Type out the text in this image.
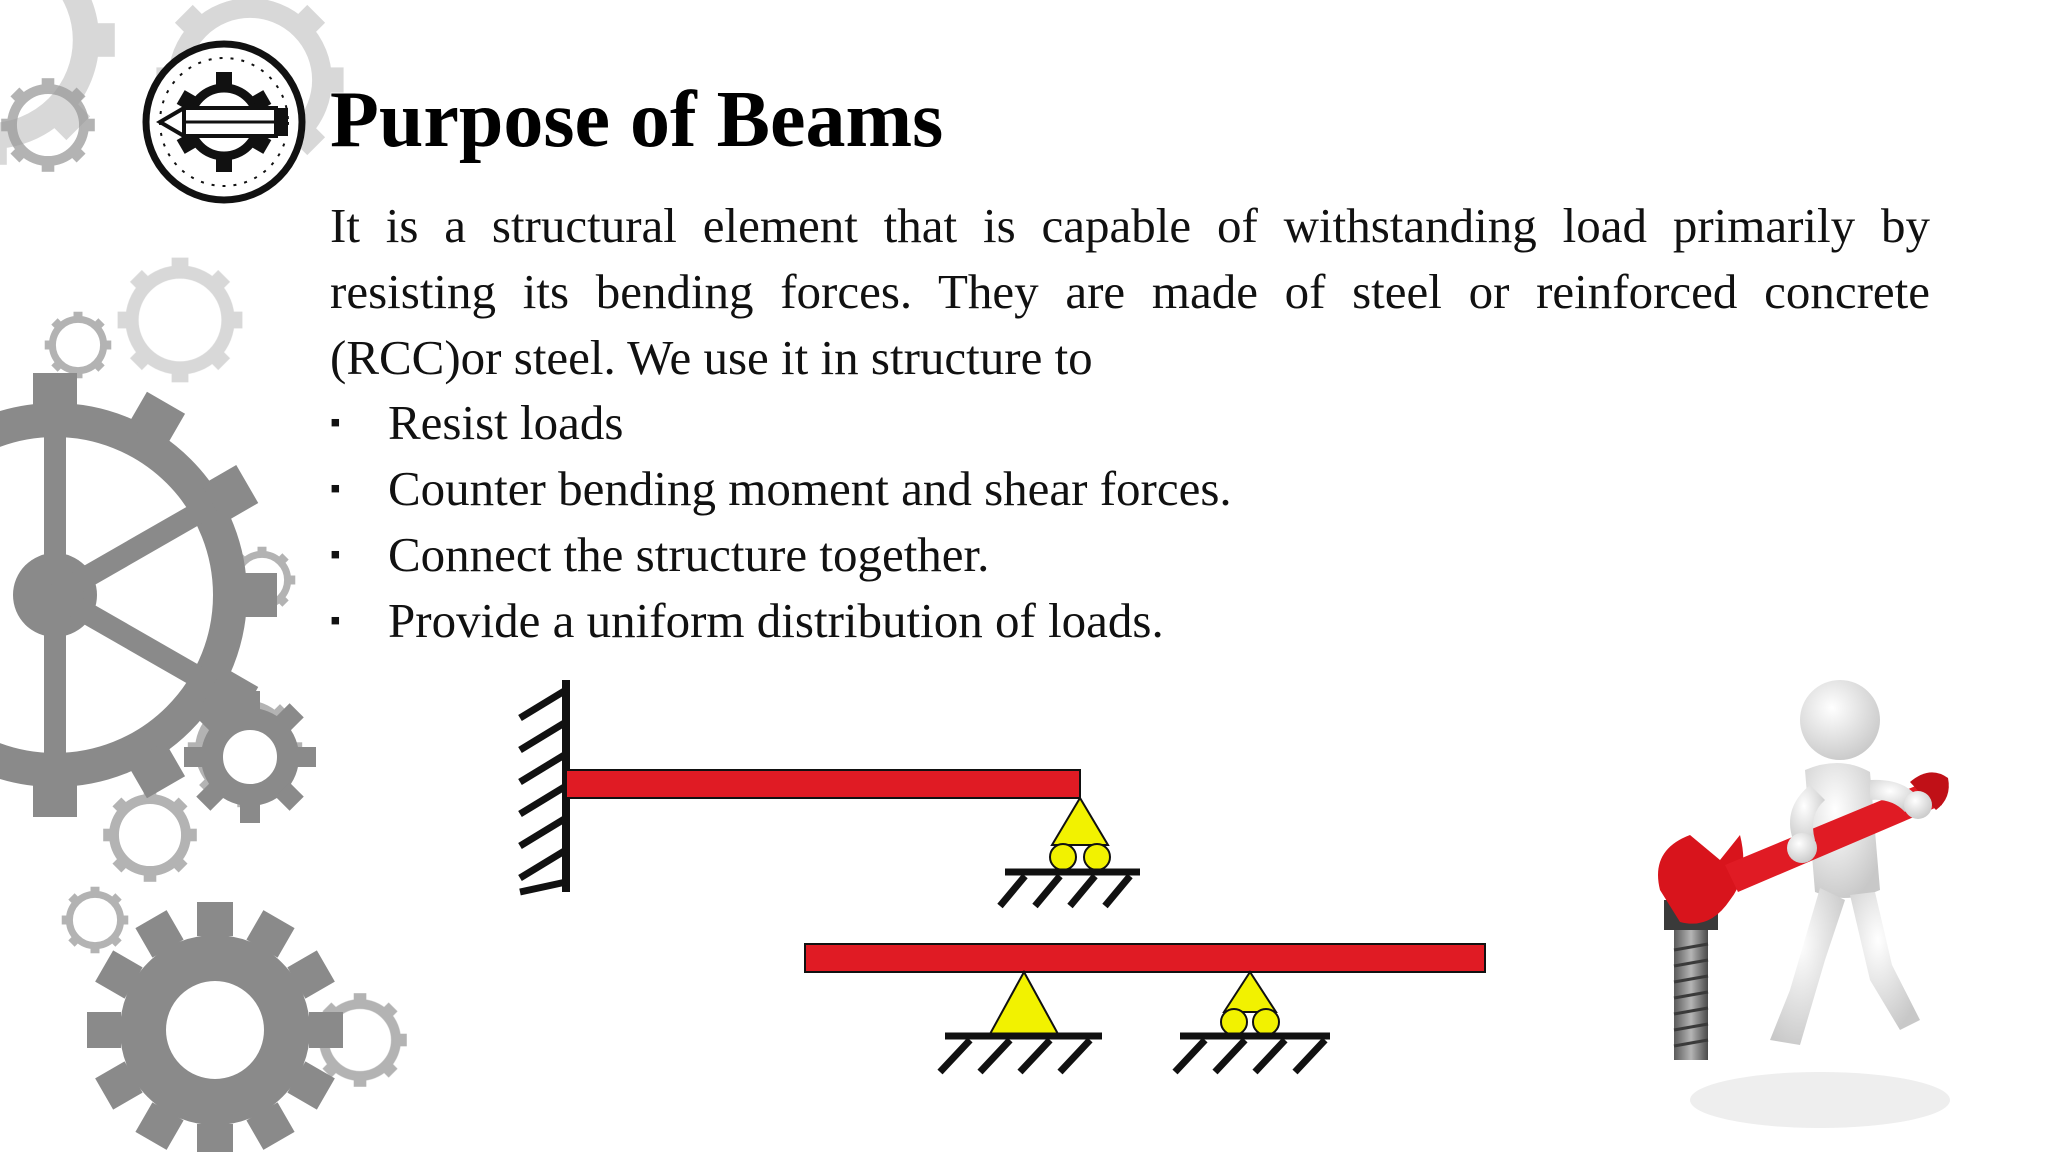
Purpose of Beams

It is a structural element that is capable of withstanding load primarily by resisting its bending forces. They are made of steel or reinforced concrete (RCC)or steel. We use it in structure to

▪ Resist loads
▪ Counter bending moment and shear forces.
▪ Connect the structure together.
▪ Provide a uniform distribution of loads.
